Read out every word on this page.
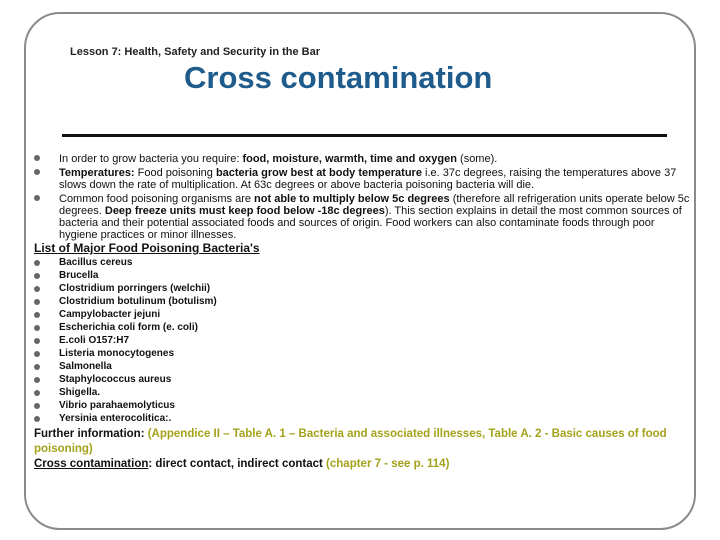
Lesson 7: Health, Safety and Security in the Bar
Cross contamination
In order to grow bacteria you require: food, moisture, warmth, time and oxygen (some).
Temperatures: Food poisoning bacteria grow best at body temperature i.e. 37c degrees, raising the temperatures above 37 slows down the rate of multiplication. At 63c degrees or above bacteria poisoning bacteria will die.
Common food poisoning organisms are not able to multiply below 5c degrees (therefore all refrigeration units operate below 5c degrees. Deep freeze units must keep food below -18c degrees). This section explains in detail the most common sources of bacteria and their potential associated foods and sources of origin. Food workers can also contaminate foods through poor hygiene practices or minor illnesses.
List of Major Food Poisoning Bacteria's
Bacillus cereus
Brucella
Clostridium porringers (welchii)
Clostridium botulinum (botulism)
Campylobacter jejuni
Escherichia coli form (e. coli)
E.coli O157:H7
Listeria monocytogenes
Salmonella
Staphylococcus aureus
Shigella.
Vibrio parahaemolyticus
Yersinia enterocolitica:.
Further information: (Appendice II – Table A. 1 – Bacteria and associated illnesses, Table A. 2 - Basic causes of food poisoning)
Cross contamination: direct contact, indirect contact (chapter 7 - see p. 114)
